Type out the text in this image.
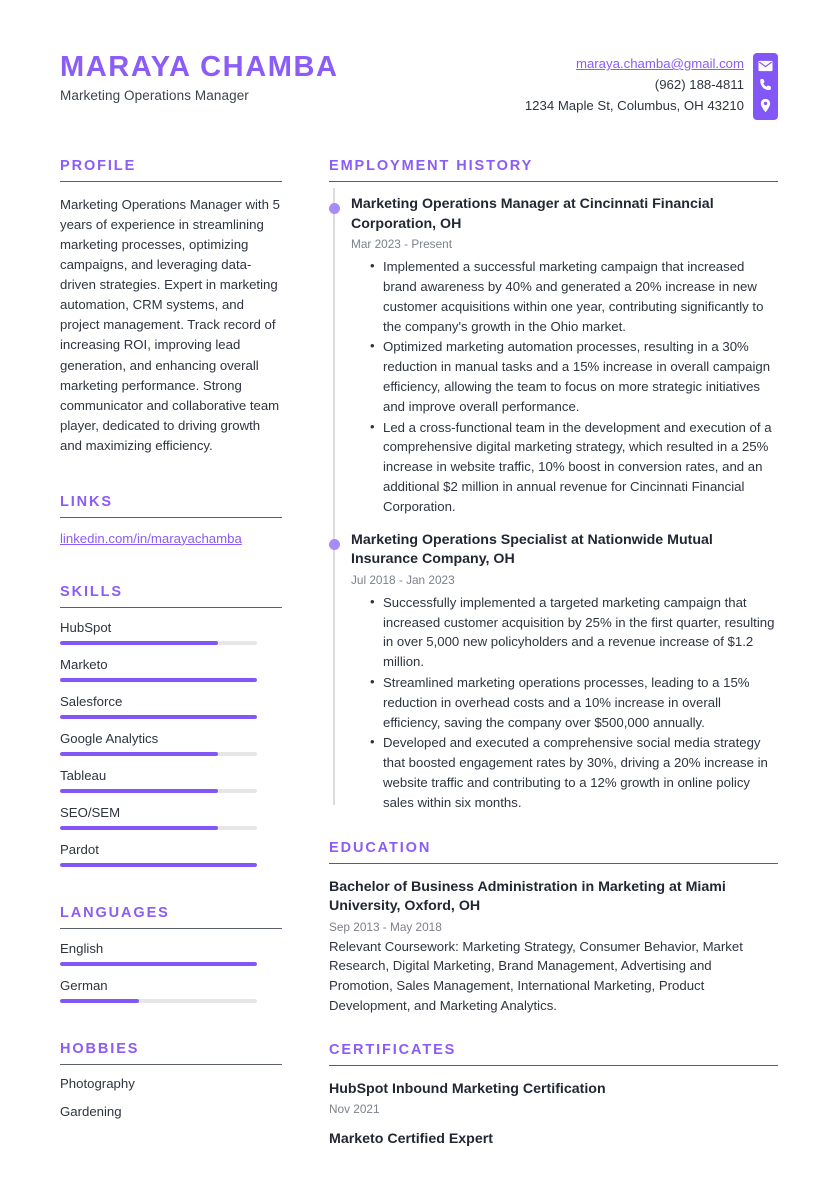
MARAYA CHAMBA
Marketing Operations Manager
maraya.chamba@gmail.com
(962) 188-4811
1234 Maple St, Columbus, OH 43210
PROFILE
Marketing Operations Manager with 5 years of experience in streamlining marketing processes, optimizing campaigns, and leveraging data-driven strategies. Expert in marketing automation, CRM systems, and project management. Track record of increasing ROI, improving lead generation, and enhancing overall marketing performance. Strong communicator and collaborative team player, dedicated to driving growth and maximizing efficiency.
LINKS
linkedin.com/in/marayachamba
SKILLS
HubSpot
Marketo
Salesforce
Google Analytics
Tableau
SEO/SEM
Pardot
LANGUAGES
English
German
HOBBIES
Photography
Gardening
EMPLOYMENT HISTORY
Marketing Operations Manager at Cincinnati Financial Corporation, OH
Mar 2023 - Present
• Implemented a successful marketing campaign that increased brand awareness by 40% and generated a 20% increase in new customer acquisitions within one year, contributing significantly to the company's growth in the Ohio market.
• Optimized marketing automation processes, resulting in a 30% reduction in manual tasks and a 15% increase in overall campaign efficiency, allowing the team to focus on more strategic initiatives and improve overall performance.
• Led a cross-functional team in the development and execution of a comprehensive digital marketing strategy, which resulted in a 25% increase in website traffic, 10% boost in conversion rates, and an additional $2 million in annual revenue for Cincinnati Financial Corporation.
Marketing Operations Specialist at Nationwide Mutual Insurance Company, OH
Jul 2018 - Jan 2023
• Successfully implemented a targeted marketing campaign that increased customer acquisition by 25% in the first quarter, resulting in over 5,000 new policyholders and a revenue increase of $1.2 million.
• Streamlined marketing operations processes, leading to a 15% reduction in overhead costs and a 10% increase in overall efficiency, saving the company over $500,000 annually.
• Developed and executed a comprehensive social media strategy that boosted engagement rates by 30%, driving a 20% increase in website traffic and contributing to a 12% growth in online policy sales within six months.
EDUCATION
Bachelor of Business Administration in Marketing at Miami University, Oxford, OH
Sep 2013 - May 2018
Relevant Coursework: Marketing Strategy, Consumer Behavior, Market Research, Digital Marketing, Brand Management, Advertising and Promotion, Sales Management, International Marketing, Product Development, and Marketing Analytics.
CERTIFICATES
HubSpot Inbound Marketing Certification
Nov 2021
Marketo Certified Expert
